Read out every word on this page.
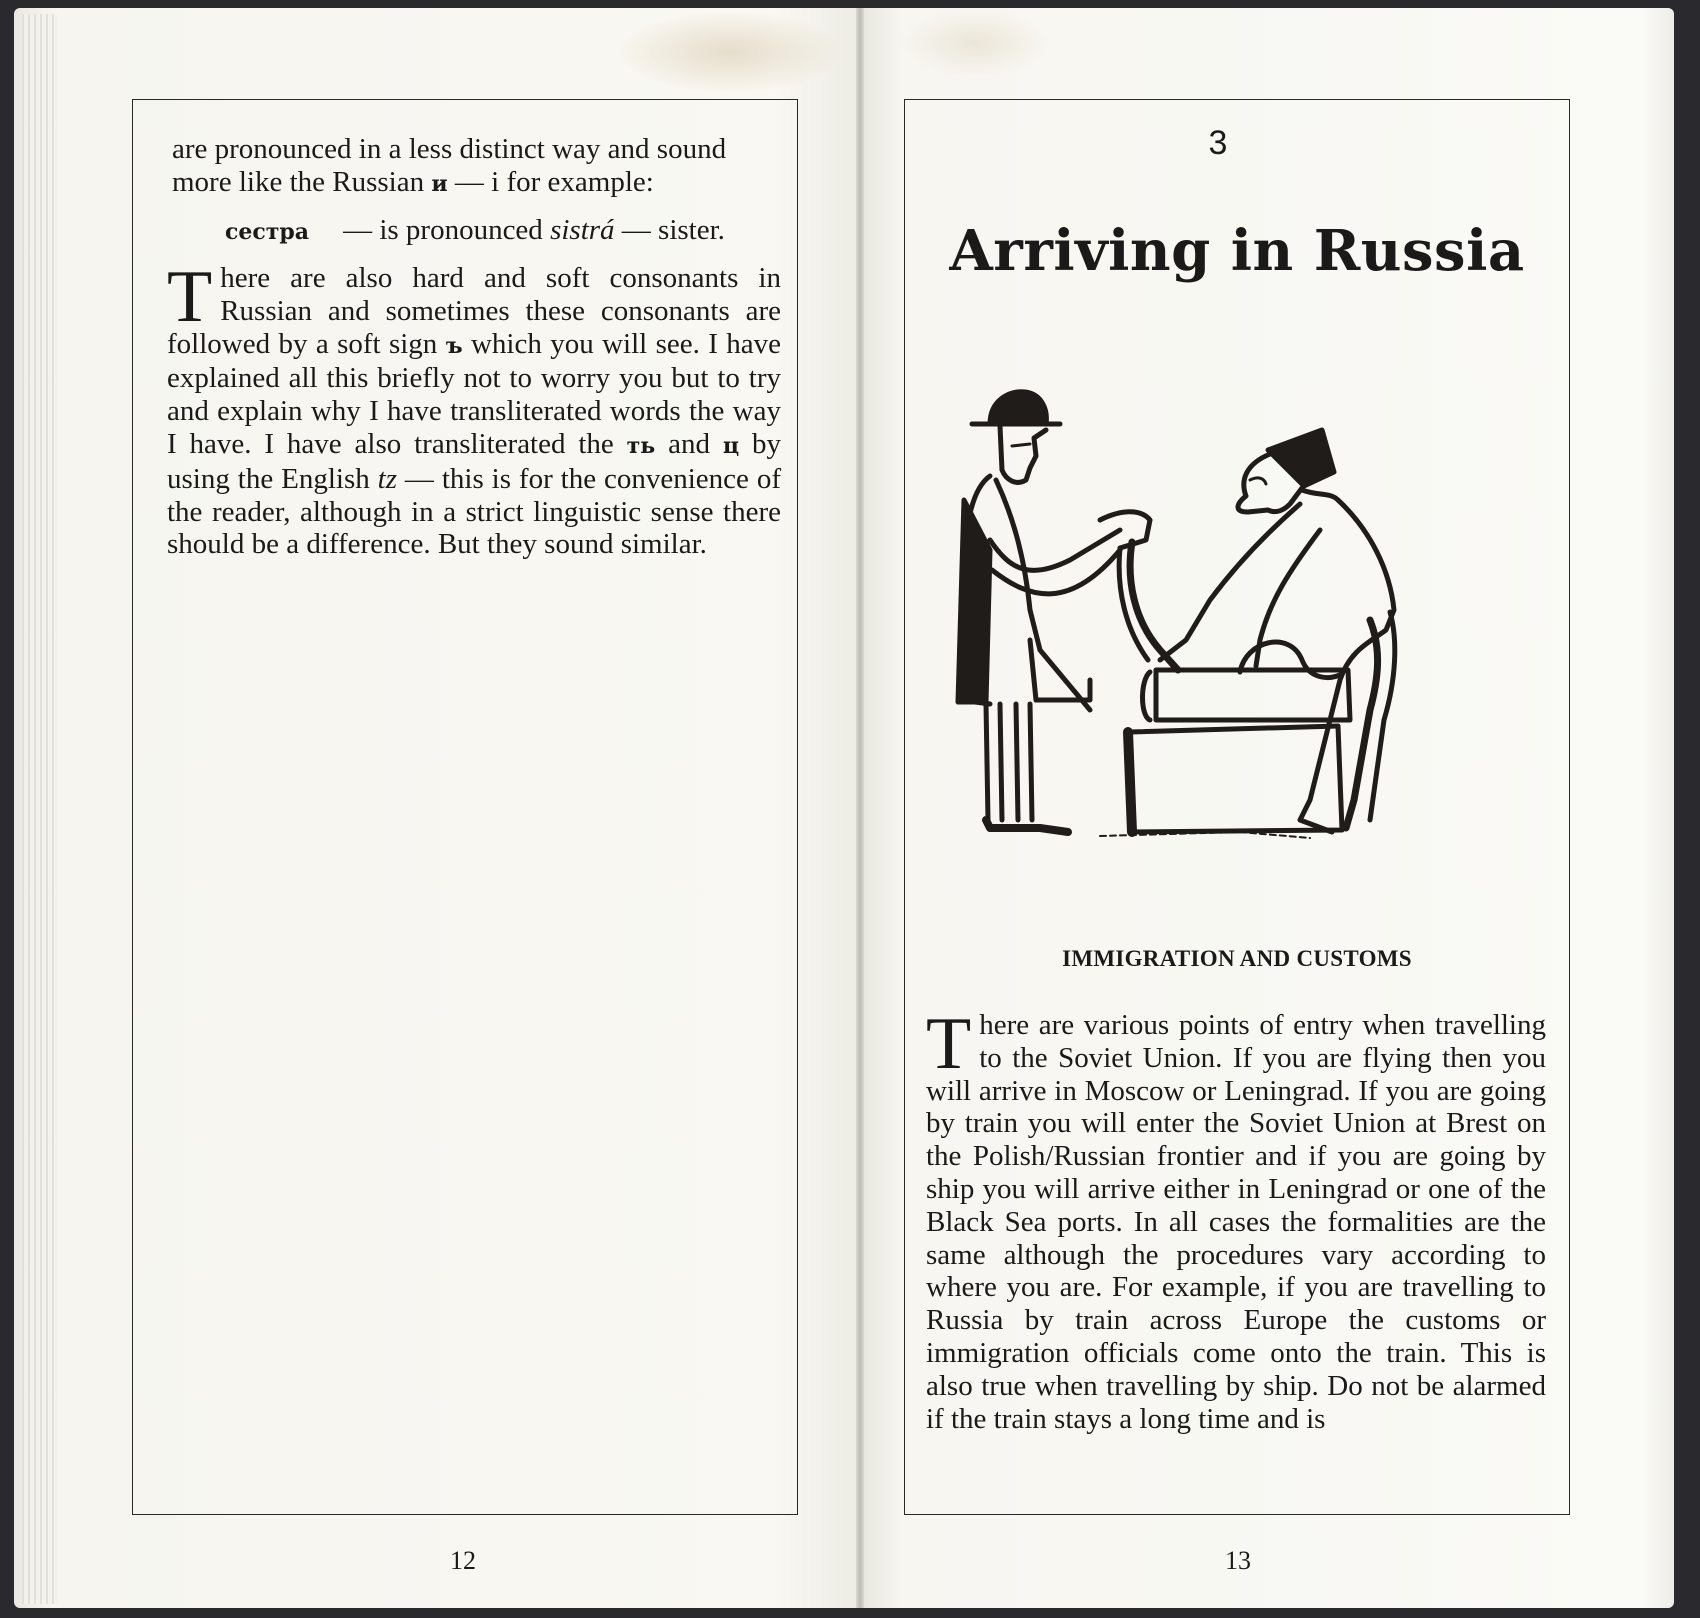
are pronounced in a less distinct way and sound more like the Russian и — i for example:

сестра — is pronounced sistrá — sister.

There are also hard and soft consonants in Russian and sometimes these consonants are followed by a soft sign ъ which you will see. I have explained all this briefly not to worry you but to try and explain why I have transliterated words the way I have. I have also transliterated the ть and ц by using the English tz — this is for the convenience of the reader, although in a strict linguistic sense there should be a difference. But they sound similar.

12
3
Arriving in Russia
IMMIGRATION AND CUSTOMS

There are various points of entry when travelling to the Soviet Union. If you are flying then you will arrive in Moscow or Leningrad. If you are going by train you will enter the Soviet Union at Brest on the Polish/Russian frontier and if you are going by ship you will arrive either in Leningrad or one of the Black Sea ports. In all cases the formalities are the same although the procedures vary according to where you are. For example, if you are travelling to Russia by train across Europe the customs or immigration officials come onto the train. This is also true when travelling by ship. Do not be alarmed if the train stays a long time and is

13
